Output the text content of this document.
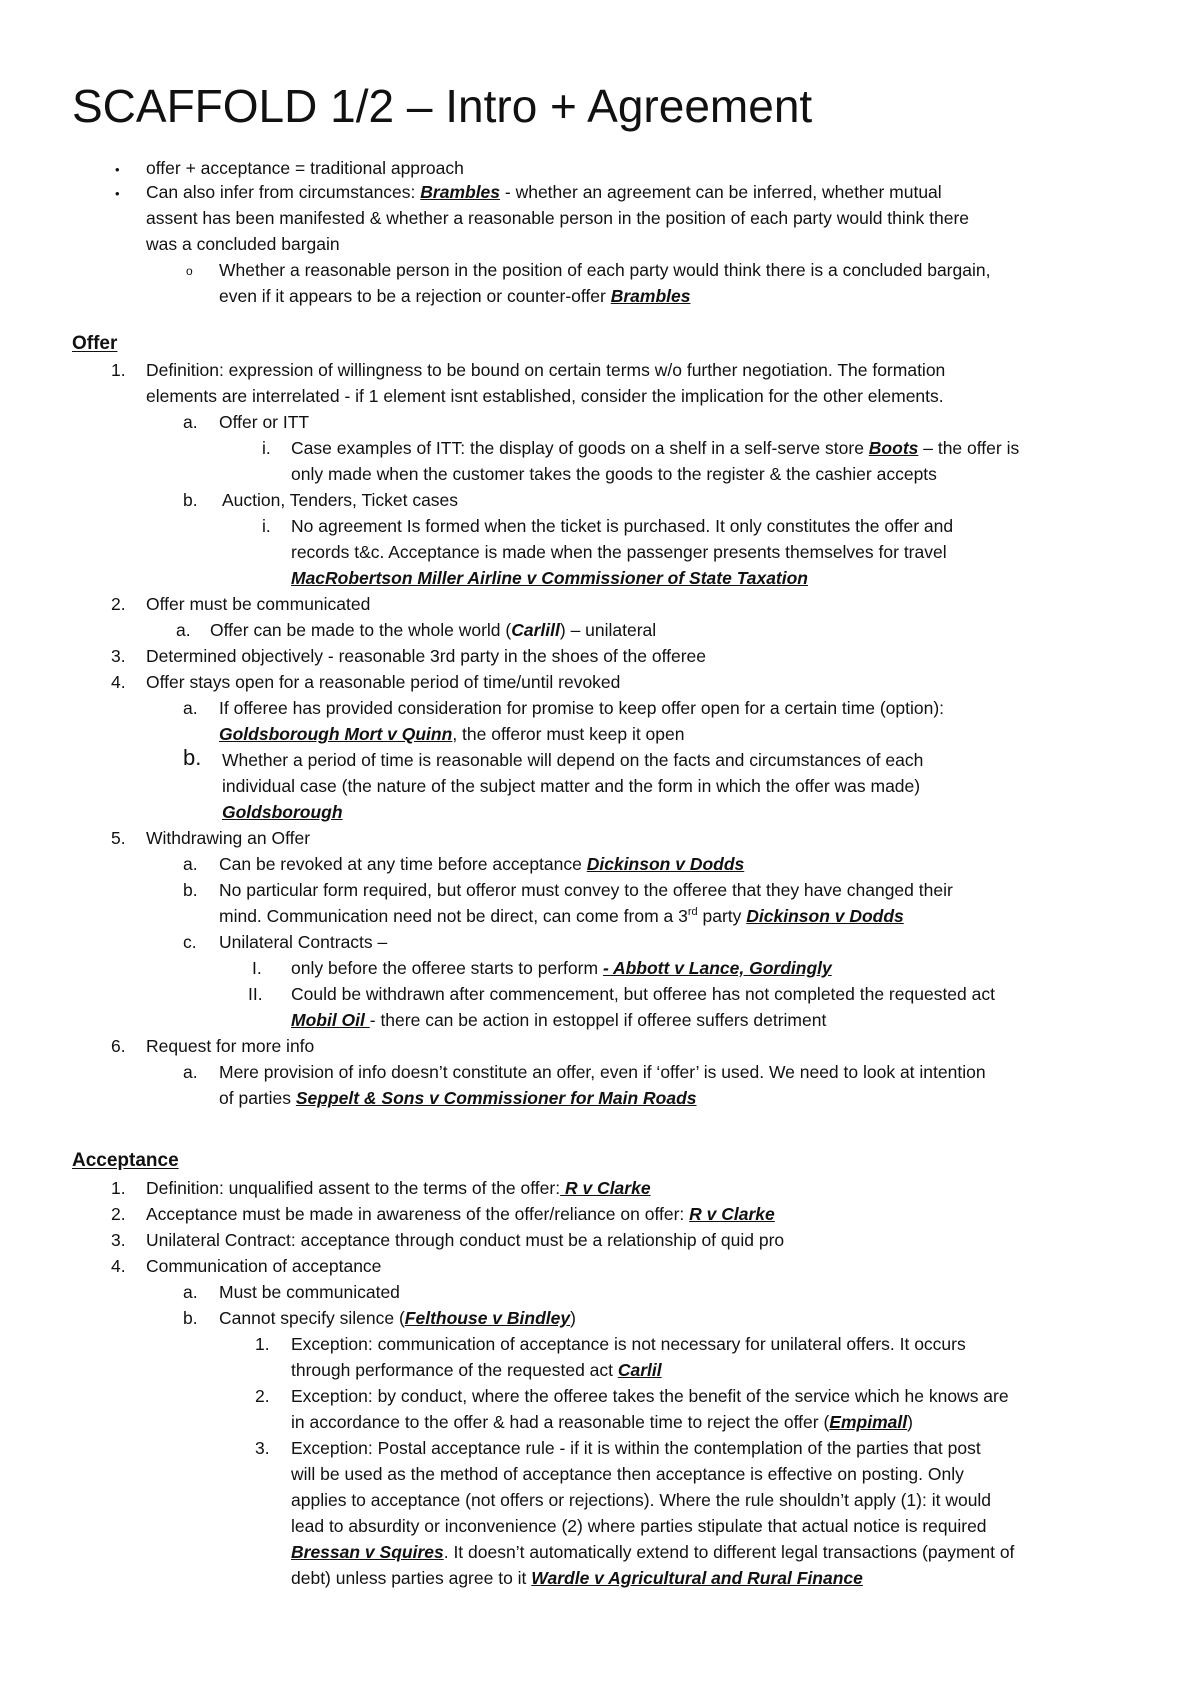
SCAFFOLD 1/2 – Intro + Agreement
• offer + acceptance = traditional approach
• Can also infer from circumstances: Brambles - whether an agreement can be inferred, whether mutual
assent has been manifested & whether a reasonable person in the position of each party would think there
was a concluded bargain
o Whether a reasonable person in the position of each party would think there is a concluded bargain,
even if it appears to be a rejection or counter-offer Brambles
Offer
1. Definition: expression of willingness to be bound on certain terms w/o further negotiation. The formation
elements are interrelated - if 1 element isnt established, consider the implication for the other elements.
a. Offer or ITT
i. Case examples of ITT: the display of goods on a shelf in a self-serve store Boots – the offer is
only made when the customer takes the goods to the register & the cashier accepts
b. Auction, Tenders, Ticket cases
i. No agreement Is formed when the ticket is purchased. It only constitutes the offer and
records t&c. Acceptance is made when the passenger presents themselves for travel
MacRobertson Miller Airline v Commissioner of State Taxation
2. Offer must be communicated
a. Offer can be made to the whole world (Carlill) – unilateral
3. Determined objectively - reasonable 3rd party in the shoes of the offeree
4. Offer stays open for a reasonable period of time/until revoked
a. If offeree has provided consideration for promise to keep offer open for a certain time (option):
Goldsborough Mort v Quinn, the offeror must keep it open
b. Whether a period of time is reasonable will depend on the facts and circumstances of each
individual case (the nature of the subject matter and the form in which the offer was made)
Goldsborough
5. Withdrawing an Offer
a. Can be revoked at any time before acceptance Dickinson v Dodds
b. No particular form required, but offeror must convey to the offeree that they have changed their
mind. Communication need not be direct, can come from a 3rd party Dickinson v Dodds
c. Unilateral Contracts –
I. only before the offeree starts to perform - Abbott v Lance, Gordingly
II. Could be withdrawn after commencement, but offeree has not completed the requested act
Mobil Oil - there can be action in estoppel if offeree suffers detriment
6. Request for more info
a. Mere provision of info doesn’t constitute an offer, even if ‘offer’ is used. We need to look at intention
of parties Seppelt & Sons v Commissioner for Main Roads
Acceptance
1. Definition: unqualified assent to the terms of the offer: R v Clarke
2. Acceptance must be made in awareness of the offer/reliance on offer: R v Clarke
3. Unilateral Contract: acceptance through conduct must be a relationship of quid pro
4. Communication of acceptance
a. Must be communicated
b. Cannot specify silence (Felthouse v Bindley)
1. Exception: communication of acceptance is not necessary for unilateral offers. It occurs
through performance of the requested act Carlil
2. Exception: by conduct, where the offeree takes the benefit of the service which he knows are
in accordance to the offer & had a reasonable time to reject the offer (Empimall)
3. Exception: Postal acceptance rule - if it is within the contemplation of the parties that post
will be used as the method of acceptance then acceptance is effective on posting. Only
applies to acceptance (not offers or rejections). Where the rule shouldn’t apply (1): it would
lead to absurdity or inconvenience (2) where parties stipulate that actual notice is required
Bressan v Squires. It doesn’t automatically extend to different legal transactions (payment of
debt) unless parties agree to it Wardle v Agricultural and Rural Finance
